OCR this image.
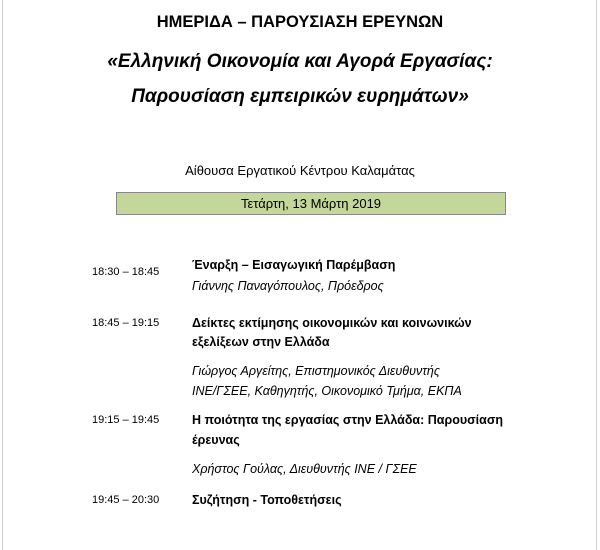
ΗΜΕΡΙΔΑ – ΠΑΡΟΥΣΙΑΣΗ ΕΡΕΥΝΩΝ
«Ελληνική Οικονομία και Αγορά Εργασίας:
Παρουσίαση εμπειρικών ευρημάτων»
Αίθουσα Εργατικού Κέντρου Καλαμάτας
Τετάρτη, 13 Μάρτη 2019
18:30 – 18:45	Έναρξη – Εισαγωγική Παρέμβαση
Γιάννης Παναγόπουλος, Πρόεδρος
18:45 – 19:15	Δείκτες εκτίμησης οικονομικών και κοινωνικών
εξελίξεων στην Ελλάδα
Γιώργος Αργείτης, Επιστημονικός Διευθυντής
ΙΝΕ/ΓΣΕΕ, Καθηγητής, Οικονομικό Τμήμα, ΕΚΠΑ
19:15 – 19:45	Η ποιότητα της εργασίας στην Ελλάδα: Παρουσίαση
έρευνας
Χρήστος Γούλας, Διευθυντής ΙΝΕ / ΓΣΕΕ
19:45 – 20:30	Συζήτηση - Τοποθετήσεις
